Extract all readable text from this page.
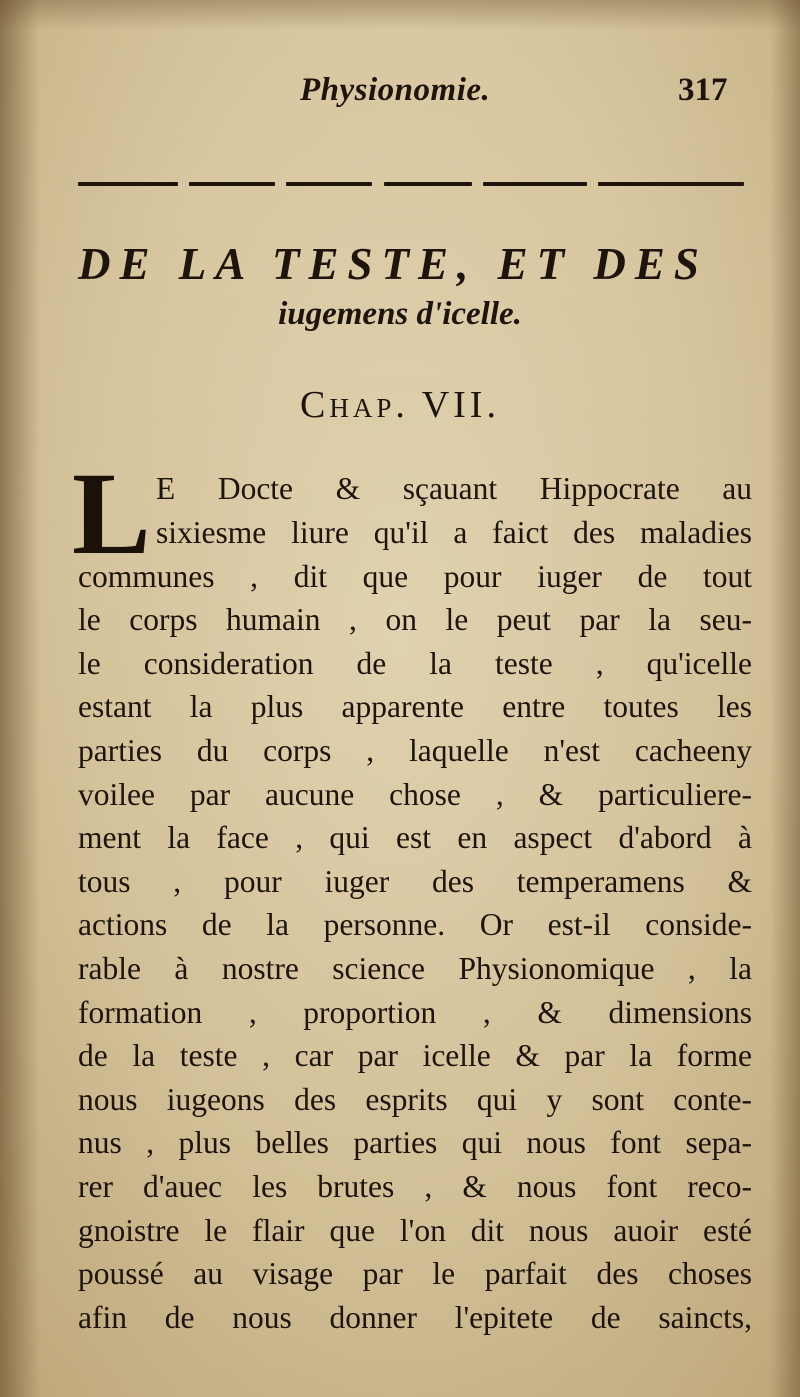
Physionomie.	317
DE LA TESTE, ET DES
iugemens d'icelle.
Chap. VII.
L E Docte & sçauant Hippocrate au
sixiesme liure qu'il a faict des maladies
communes , dit que pour iuger de tout
le corps humain , on le peut par la seu-
le consideration de la teste , qu'icelle
estant la plus apparente entre toutes les
parties du corps , laquelle n'est cacheeny
voilee par aucune chose , & particuliere-
ment la face , qui est en aspect d'abord à
tous , pour iuger des temperamens &
actions de la personne. Or est-il conside-
rable à nostre science Physionomique , la
formation , proportion , & dimensions
de la teste , car par icelle & par la forme
nous iugeons des esprits qui y sont conte-
nus , plus belles parties qui nous font sepa-
rer d'auec les brutes , & nous font reco-
gnoistre le flair que l'on dit nous auoir esté
poussé au visage par le parfait des choses
afin de nous donner l'epitete de saincts,
